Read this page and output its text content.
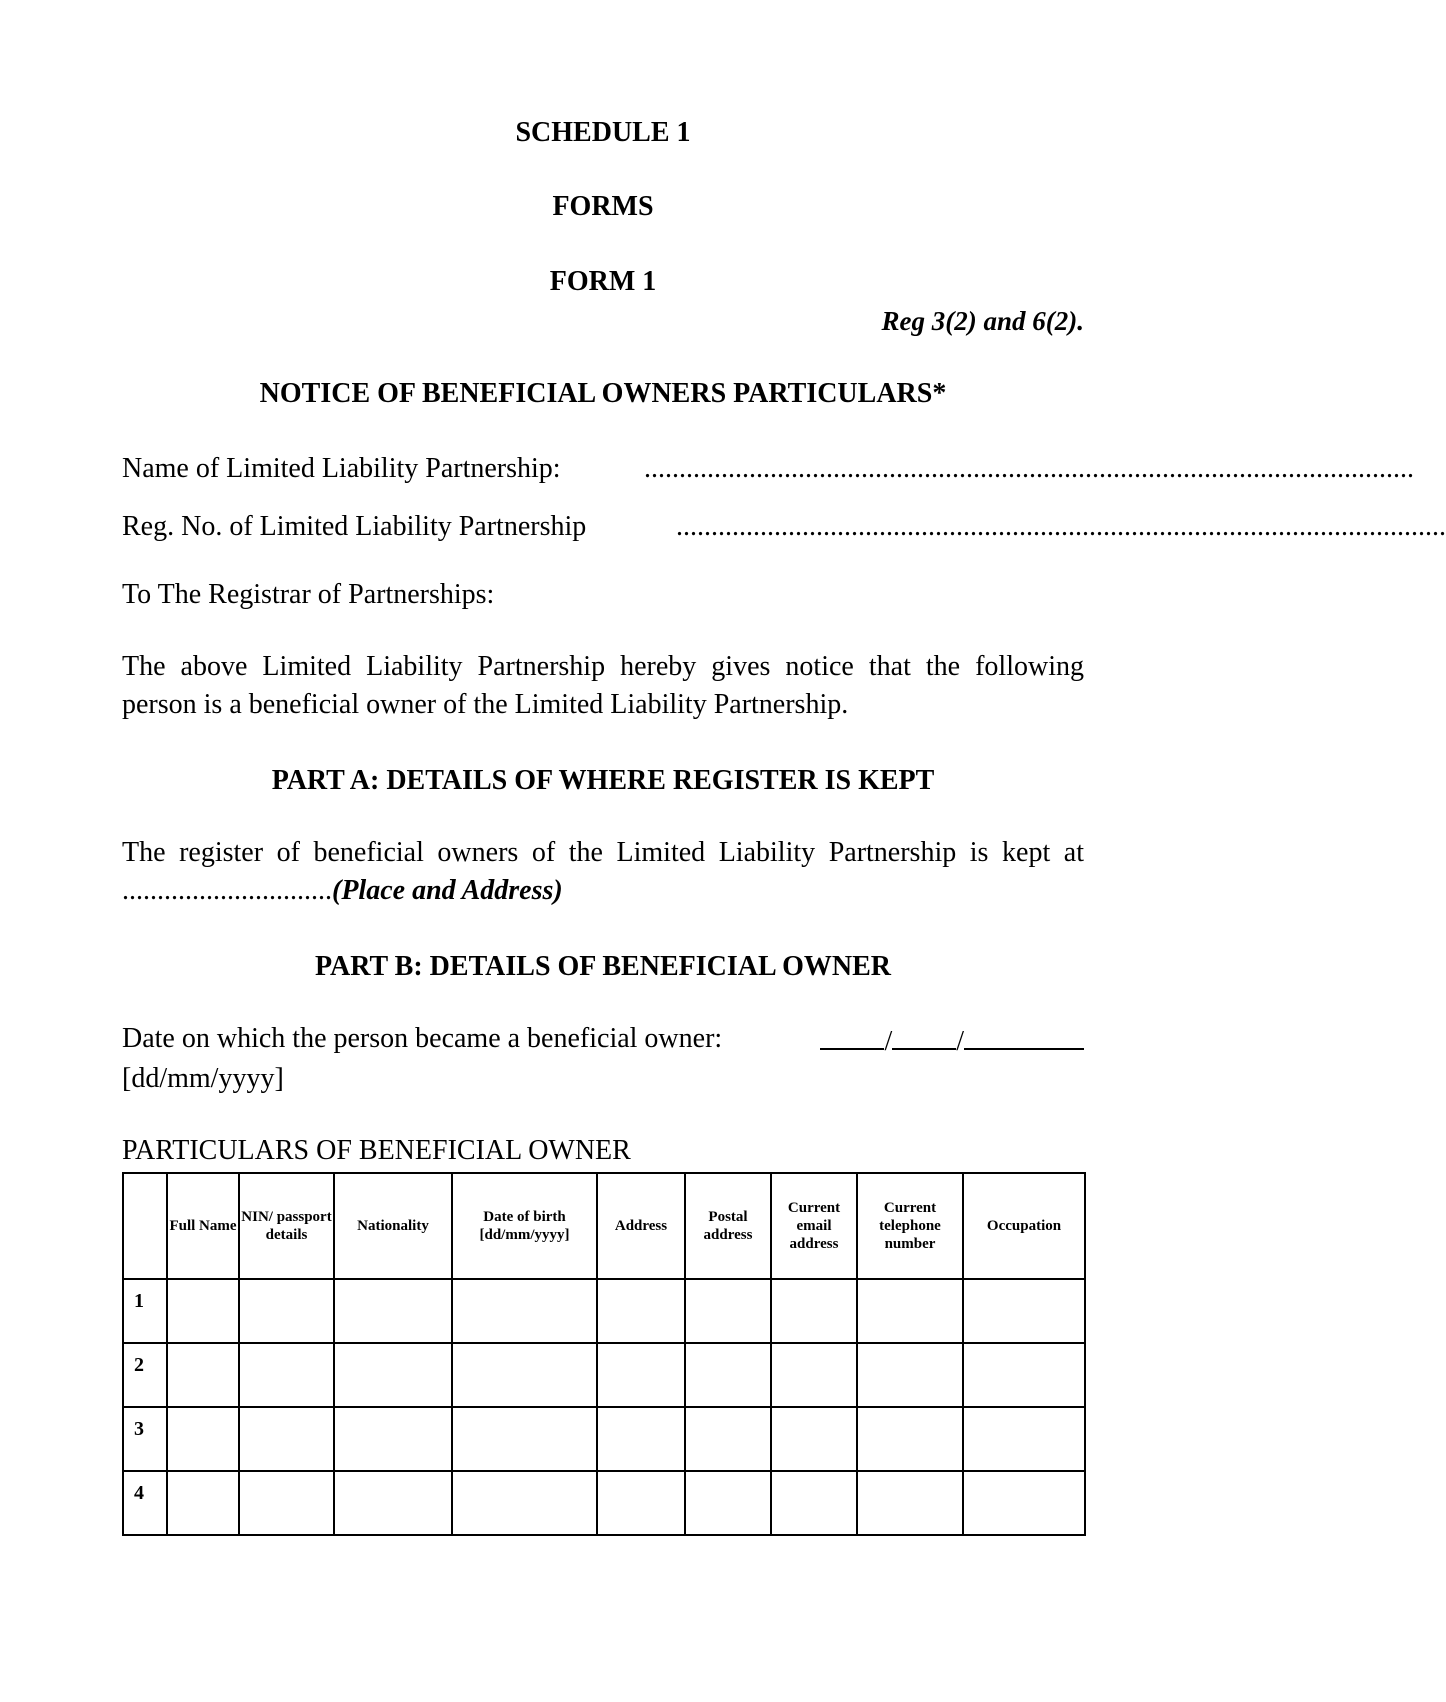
SCHEDULE 1
FORMS
FORM 1
Reg 3(2) and 6(2).
NOTICE OF BENEFICIAL OWNERS PARTICULARS*
Name of Limited Liability Partnership:	..............................................................................................................
Reg. No. of Limited Liability Partnership	..............................................................................................................
To The Registrar of Partnerships:
The above Limited Liability Partnership hereby gives notice that the following person is a beneficial owner of the Limited Liability Partnership.
PART A: DETAILS OF WHERE REGISTER IS KEPT
The register of beneficial owners of the Limited Liability Partnership is kept at ..............................(Place and Address)
PART B: DETAILS OF BENEFICIAL OWNER
Date on which the person became a beneficial owner:	/ /
[dd/mm/yyyy]
PARTICULARS OF BENEFICIAL OWNER
	Full Name	NIN/ passport details	Nationality	Date of birth [dd/mm/yyyy]	Address	Postal address	Current email address	Current telephone number	Occupation
1									
2									
3									
4									
